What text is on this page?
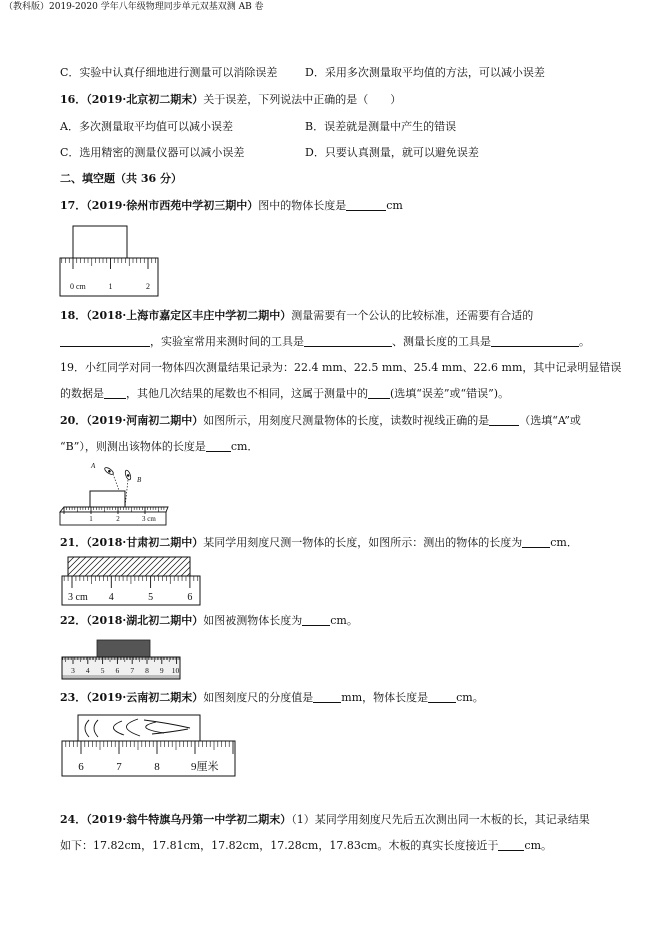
（教科版）2019-2020 学年八年级物理同步单元双基双测 AB 卷
C．实验中认真仔细地进行测量可以消除误差	D．采用多次测量取平均值的方法，可以减小误差
16．（2019·北京初二期末）关于误差，下列说法中正确的是（　　）
A．多次测量取平均值可以减小误差	B．误差就是测量中产生的错误
C．选用精密的测量仪器可以减小误差	D．只要认真测量，就可以避免误差
二、填空题（共 36 分）
17．（2019·徐州市西苑中学初三期中）图中的物体长度是	cm
0 cm	1	2
18．（2018·上海市嘉定区丰庄中学初二期中）测量需要有一个公认的比较标准，还需要有合适的
，实验室常用来测时间的工具是	、测量长度的工具是	。
19．小红同学对同一物体四次测量结果记录为：22.4 mm、22.5 mm、25.4 mm、22.6 mm，其中记录明显错误
的数据是 ，其他几次结果的尾数也不相同，这属于测量中的 (选填“误差”或“错误”)。
20．（2019·河南初二期中）如图所示，用刻度尺测量物体的长度，读数时视线正确的是	（选填“A”或
“B”），则测出该物体的长度是 cm．
A
B
1	2	3 cm
21．（2018·甘肃初二期中）某同学用刻度尺测一物体的长度，如图所示：测出的物体的长度为	cm．
3 cm 4	5	6
22．（2018·湖北初二期中）如图被测物体长度为	cm。
3 4 5 6 7 8 9 10
23．（2019·云南初二期末）如图刻度尺的分度值是	mm，物体长度是	cm。
6	7	8	9厘米
24．（2019·翁牛特旗乌丹第一中学初二期末）（1）某同学用刻度尺先后五次测出同一木板的长，其记录结果
如下：17.82cm，17.81cm，17.82cm，17.28cm，17.83cm。木板的真实长度接近于 cm。
